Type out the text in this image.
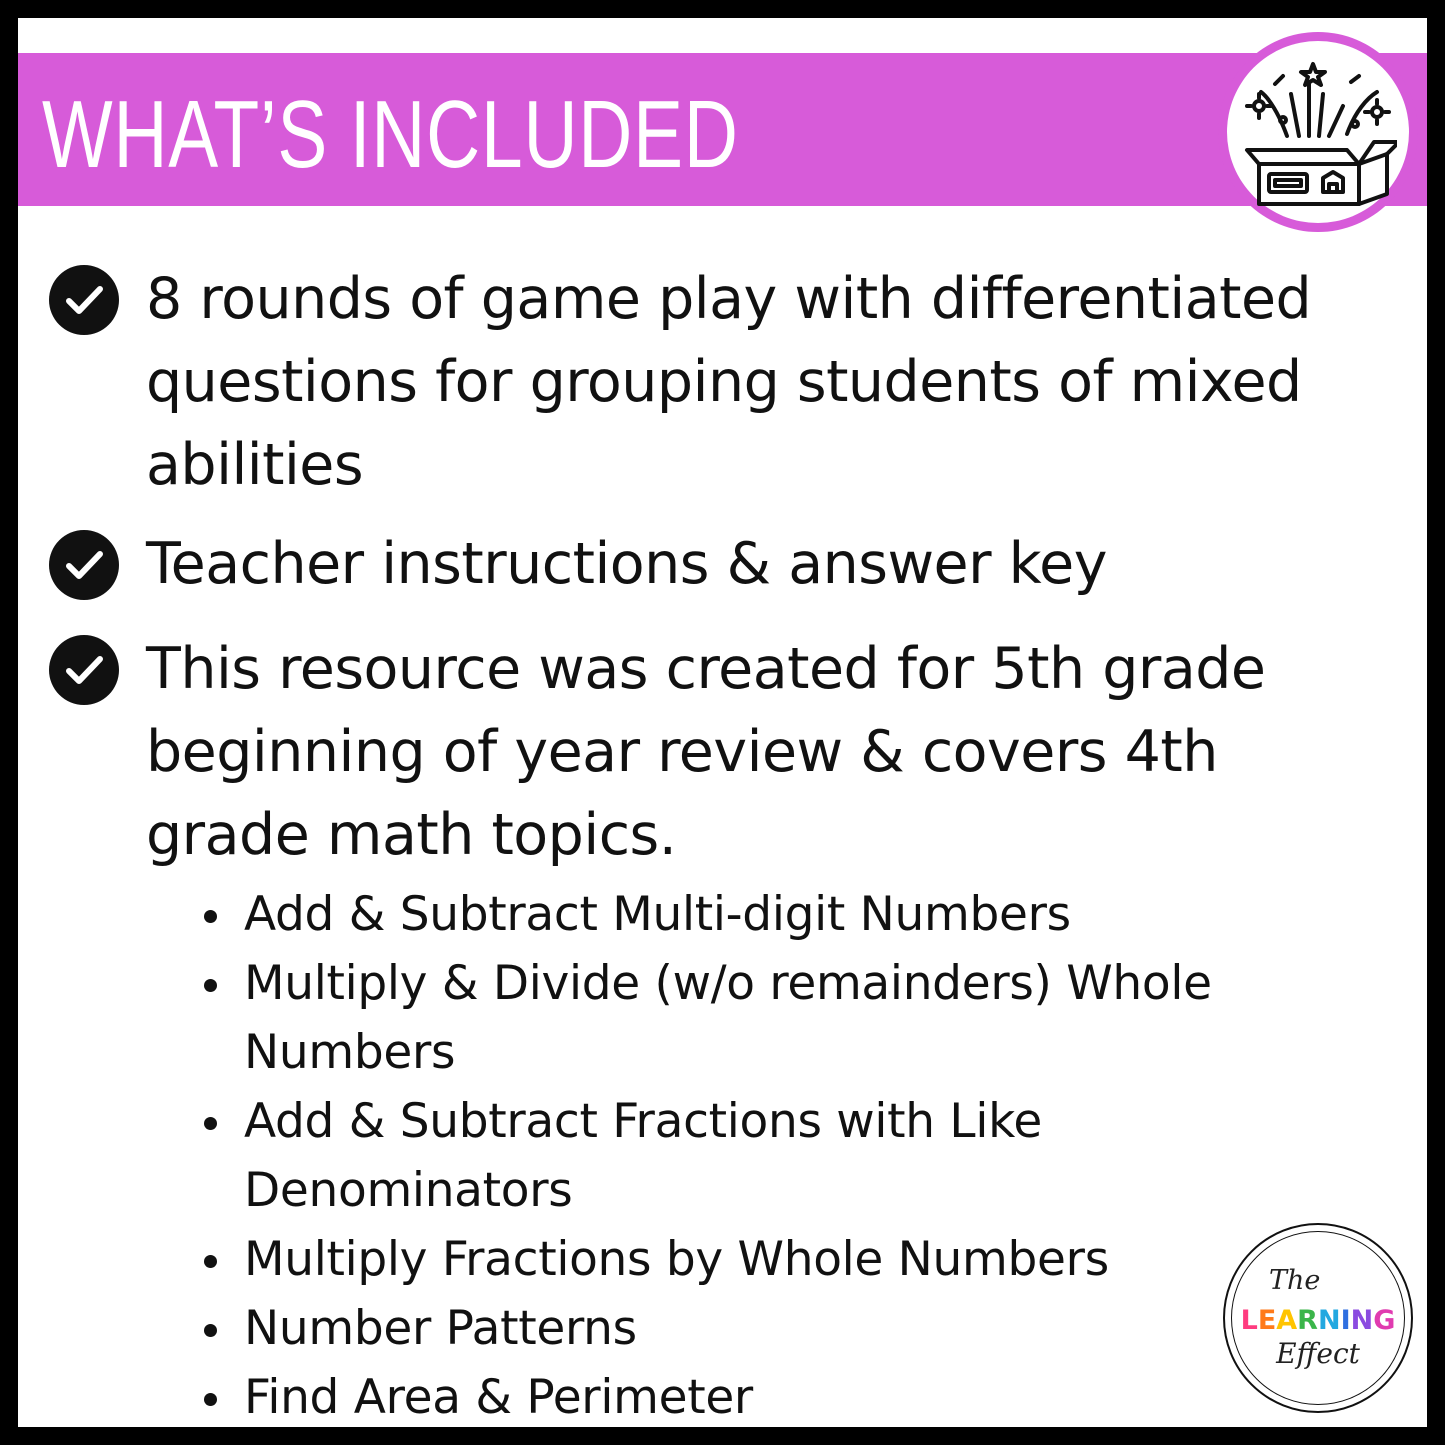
WHAT’S INCLUDED
8 rounds of game play with differentiated
questions for grouping students of mixed
abilities
Teacher instructions & answer key
This resource was created for 5th grade
beginning of year review & covers 4th
grade math topics.
Add & Subtract Multi-digit Numbers
Multiply & Divide (w/o remainders) Whole
Numbers
Add & Subtract Fractions with Like
Denominators
Multiply Fractions by Whole Numbers
Number Patterns
Find Area & Perimeter
The
LEARNING
Effect
